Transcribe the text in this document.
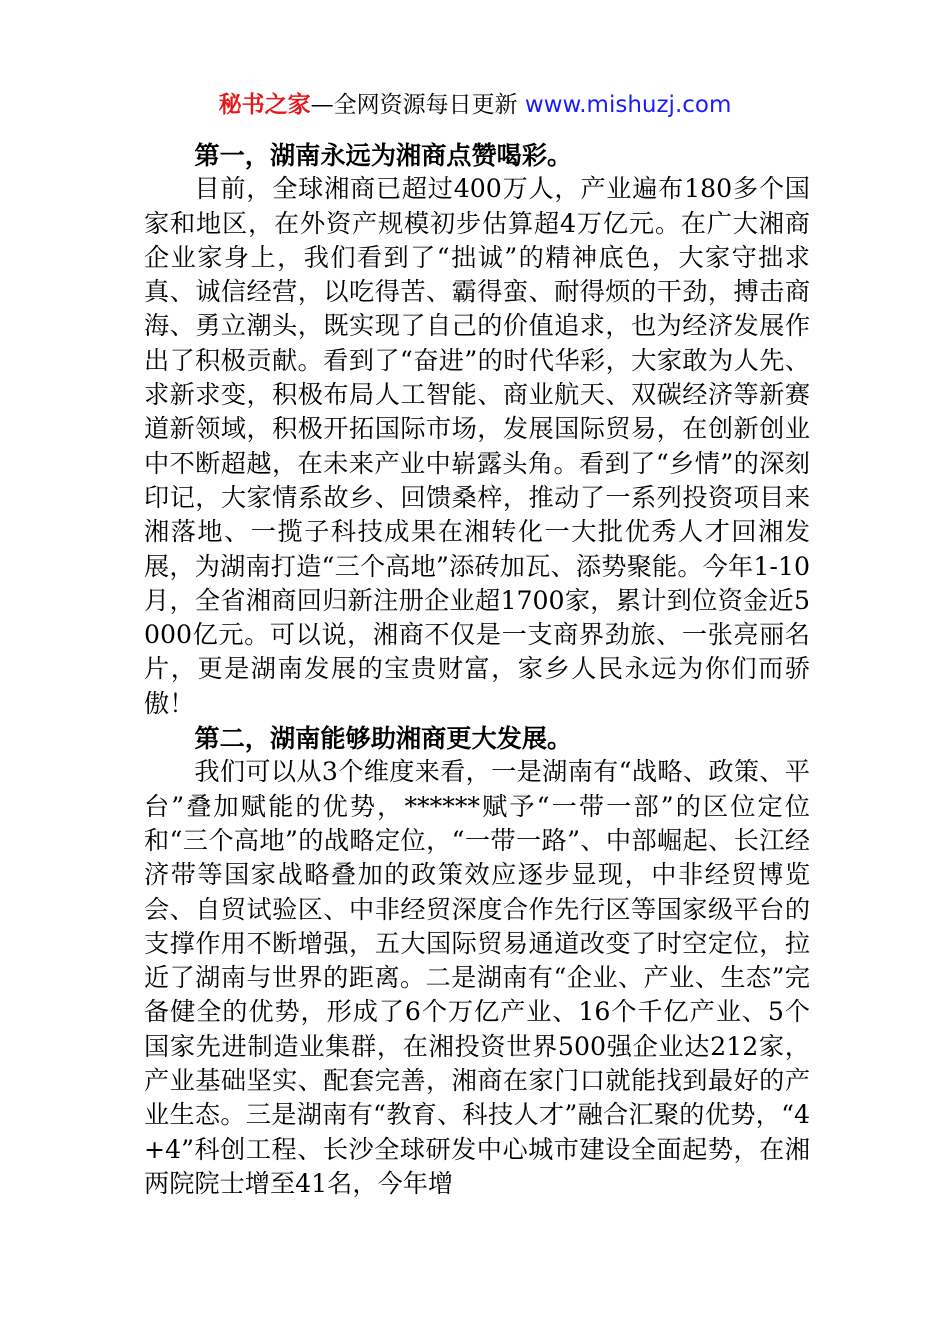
秘书之家—全网资源每日更新 www.mishuzj.com

第一，湖南永远为湘商点赞喝彩。

目前，全球湘商已超过400万人，产业遍布180多个国家和地区，在外资产规模初步估算超4万亿元。在广大湘商企业家身上，我们看到了“拙诚”的精神底色，大家守拙求真、诚信经营，以吃得苦、霸得蛮、耐得烦的干劲，搏击商海、勇立潮头，既实现了自己的价值追求，也为经济发展作出了积极贡献。看到了“奋进”的时代华彩，大家敢为人先、求新求变，积极布局人工智能、商业航天、双碳经济等新赛道新领域，积极开拓国际市场，发展国际贸易，在创新创业中不断超越，在未来产业中崭露头角。看到了“乡情”的深刻印记，大家情系故乡、回馈桑梓，推动了一系列投资项目来湘落地、一揽子科技成果在湘转化一大批优秀人才回湘发展，为湖南打造“三个高地”添砖加瓦、添势聚能。今年1-10月，全省湘商回归新注册企业超1700家，累计到位资金近5000亿元。可以说，湘商不仅是一支商界劲旅、一张亮丽名片，更是湖南发展的宝贵财富，家乡人民永远为你们而骄傲！

第二，湖南能够助湘商更大发展。

我们可以从3个维度来看，一是湖南有“战略、政策、平台”叠加赋能的优势，******赋予“一带一部”的区位定位和“三个高地”的战略定位，“一带一路”、中部崛起、长江经济带等国家战略叠加的政策效应逐步显现，中非经贸博览会、自贸试验区、中非经贸深度合作先行区等国家级平台的支撑作用不断增强，五大国际贸易通道改变了时空定位，拉近了湖南与世界的距离。二是湖南有“企业、产业、生态”完备健全的优势，形成了6个万亿产业、16个千亿产业、5个国家先进制造业集群，在湘投资世界500强企业达212家，产业基础坚实、配套完善，湘商在家门口就能找到最好的产业生态。三是湖南有“教育、科技人才”融合汇聚的优势，“4+4”科创工程、长沙全球研发中心城市建设全面起势，在湘两院院士增至41名，今年增
